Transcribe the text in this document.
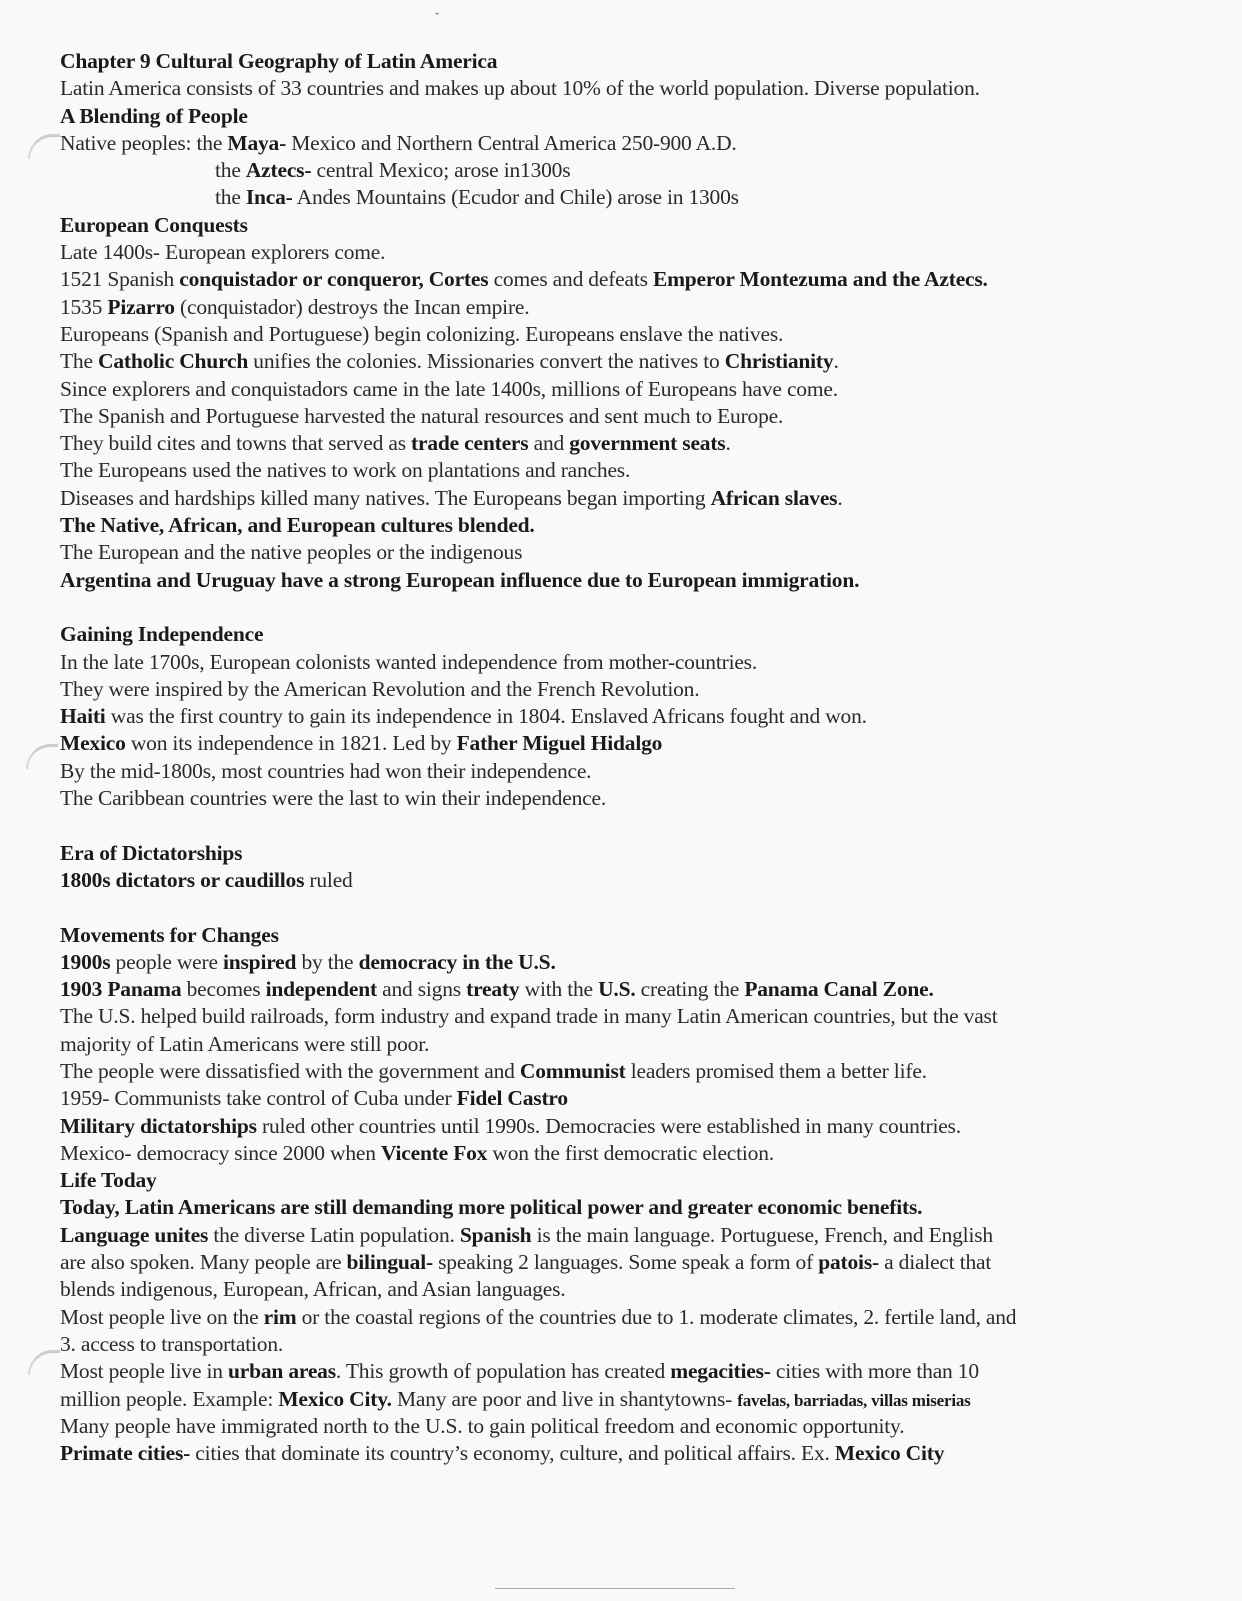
ˇ
Chapter 9 Cultural Geography of Latin America
Latin America consists of 33 countries and makes up about 10% of the world population. Diverse population.
A Blending of People
Native peoples: the Maya- Mexico and Northern Central America 250-900 A.D.
the Aztecs- central Mexico; arose in1300s
the Inca- Andes Mountains (Ecudor and Chile) arose in 1300s
European Conquests
Late 1400s- European explorers come.
1521 Spanish conquistador or conqueror, Cortes comes and defeats Emperor Montezuma and the Aztecs.
1535 Pizarro (conquistador) destroys the Incan empire.
Europeans (Spanish and Portuguese) begin colonizing. Europeans enslave the natives.
The Catholic Church unifies the colonies. Missionaries convert the natives to Christianity.
Since explorers and conquistadors came in the late 1400s, millions of Europeans have come.
The Spanish and Portuguese harvested the natural resources and sent much to Europe.
They build cites and towns that served as trade centers and government seats.
The Europeans used the natives to work on plantations and ranches.
Diseases and hardships killed many natives. The Europeans began importing African slaves.
The Native, African, and European cultures blended.
The European and the native peoples or the indigenous
Argentina and Uruguay have a strong European influence due to European immigration.

Gaining Independence
In the late 1700s, European colonists wanted independence from mother-countries.
They were inspired by the American Revolution and the French Revolution.
Haiti was the first country to gain its independence in 1804. Enslaved Africans fought and won.
Mexico won its independence in 1821. Led by Father Miguel Hidalgo
By the mid-1800s, most countries had won their independence.
The Caribbean countries were the last to win their independence.

Era of Dictatorships
1800s dictators or caudillos ruled

Movements for Changes
1900s people were inspired by the democracy in the U.S.
1903 Panama becomes independent and signs treaty with the U.S. creating the Panama Canal Zone.
The U.S. helped build railroads, form industry and expand trade in many Latin American countries, but the vast
majority of Latin Americans were still poor.
The people were dissatisfied with the government and Communist leaders promised them a better life.
1959- Communists take control of Cuba under Fidel Castro
Military dictatorships ruled other countries until 1990s. Democracies were established in many countries.
Mexico- democracy since 2000 when Vicente Fox won the first democratic election.
Life Today
Today, Latin Americans are still demanding more political power and greater economic benefits.
Language unites the diverse Latin population. Spanish is the main language. Portuguese, French, and English
are also spoken. Many people are bilingual- speaking 2 languages. Some speak a form of patois- a dialect that
blends indigenous, European, African, and Asian languages.
Most people live on the rim or the coastal regions of the countries due to 1. moderate climates, 2. fertile land, and
3. access to transportation.
Most people live in urban areas. This growth of population has created megacities- cities with more than 10
million people. Example: Mexico City. Many are poor and live in shantytowns- favelas, barriadas, villas miserias
Many people have immigrated north to the U.S. to gain political freedom and economic opportunity.
Primate cities- cities that dominate its country’s economy, culture, and political affairs. Ex. Mexico City
